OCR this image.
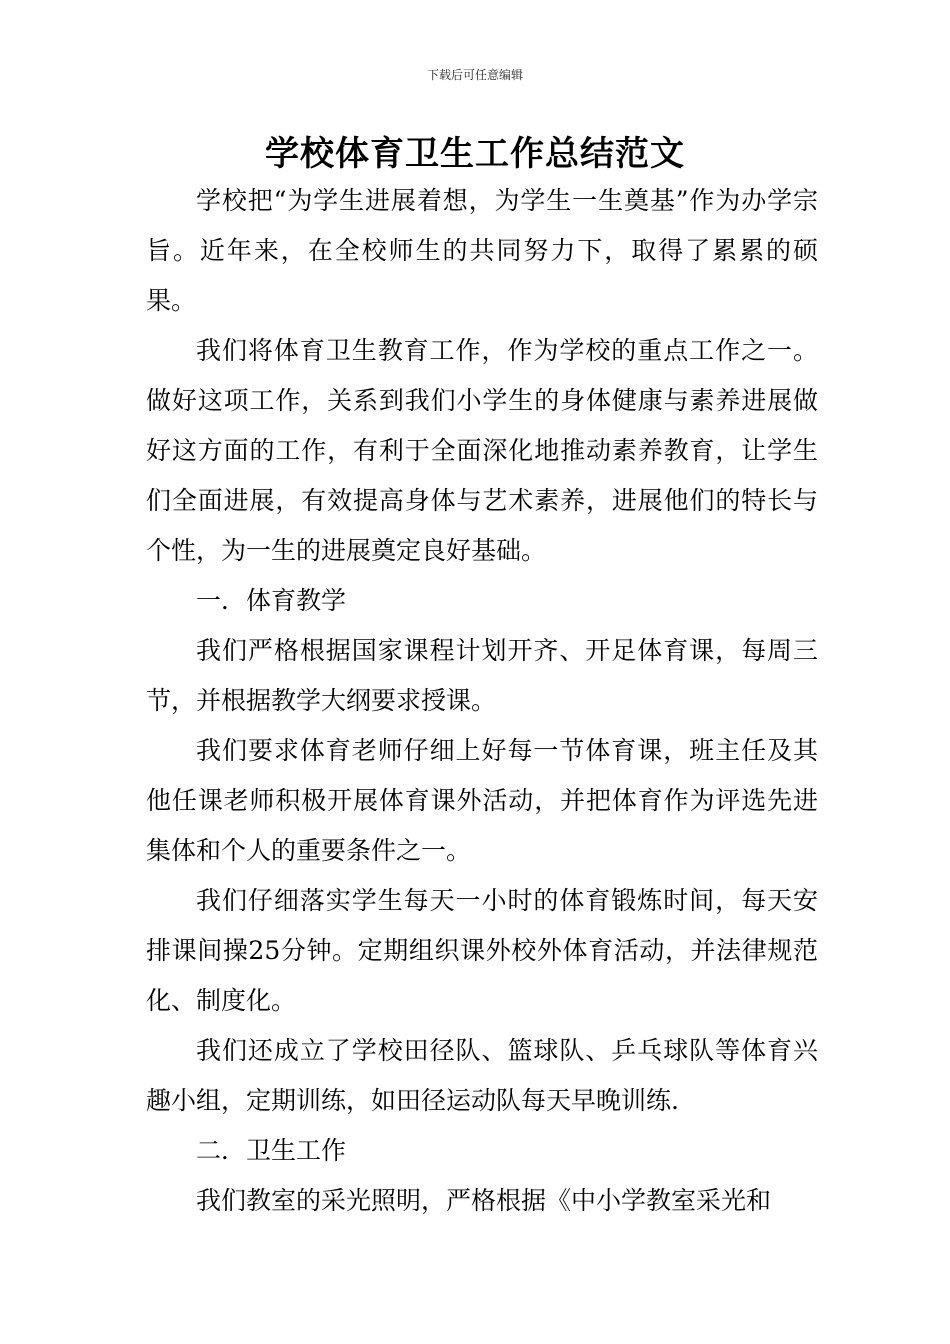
下载后可任意编辑
学校体育卫生工作总结范文

学校把“为学生进展着想，为学生一生奠基”作为办学宗旨。近年来，在全校师生的共同努力下，取得了累累的硕果。

我们将体育卫生教育工作，作为学校的重点工作之一。做好这项工作，关系到我们小学生的身体健康与素养进展做好这方面的工作，有利于全面深化地推动素养教育，让学生们全面进展，有效提高身体与艺术素养，进展他们的特长与个性，为一生的进展奠定良好基础。

一．体育教学

我们严格根据国家课程计划开齐、开足体育课，每周三节，并根据教学大纲要求授课。

我们要求体育老师仔细上好每一节体育课，班主任及其他任课老师积极开展体育课外活动，并把体育作为评选先进集体和个人的重要条件之一。

我们仔细落实学生每天一小时的体育锻炼时间，每天安排课间操25分钟。定期组织课外校外体育活动，并法律规范化、制度化。

我们还成立了学校田径队、篮球队、乒乓球队等体育兴趣小组，定期训练，如田径运动队每天早晚训练.

二．卫生工作

我们教室的采光照明，严格根据《中小学教室采光和
